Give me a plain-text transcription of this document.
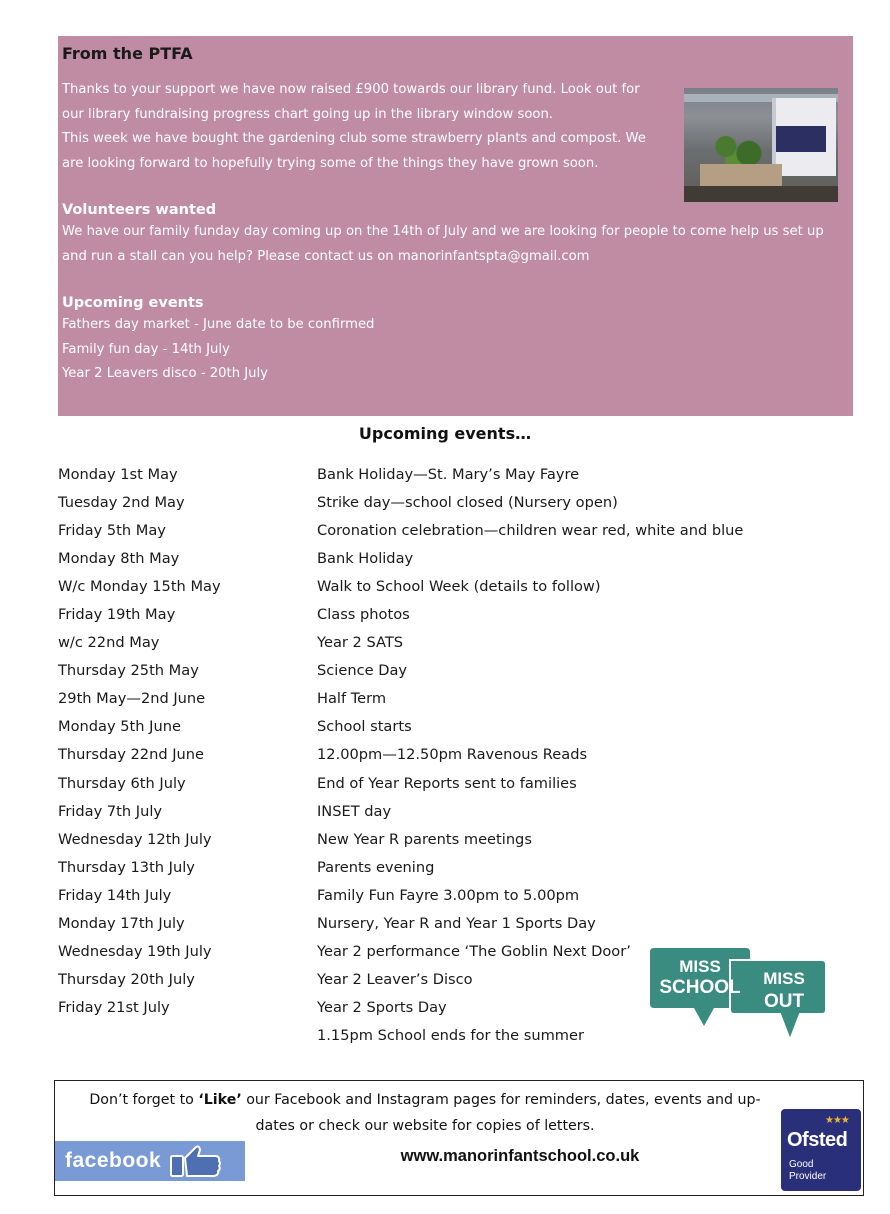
From the PTFA

Thanks to your support we have now raised £900 towards our library fund. Look out for

our library fundraising progress chart going up in the library window soon.

This week we have bought the gardening club some strawberry plants and compost. We

are looking forward to hopefully trying some of the things they have grown soon.

Volunteers wanted

We have our family funday day coming up on the 14th of July and we are looking for people to come help us set up

and run a stall can you help? Please contact us on manorinfantspta@gmail.com

Upcoming events

Fathers day market - June date to be confirmed

Family fun day - 14th July

Year 2 Leavers disco - 20th July

Upcoming events…
Monday 1st May	Bank Holiday—St. Mary’s May Fayre
Tuesday 2nd May	Strike day—school closed (Nursery open)
Friday 5th May	Coronation celebration—children wear red, white and blue
Monday 8th May	Bank Holiday
W/c Monday 15th May	Walk to School Week (details to follow)
Friday 19th May	Class photos
w/c 22nd May	Year 2 SATS
Thursday 25th May	Science Day
29th May—2nd June	Half Term
Monday 5th June	School starts
Thursday 22nd June	12.00pm—12.50pm Ravenous Reads
Thursday 6th July	End of Year Reports sent to families
Friday 7th July	INSET day
Wednesday 12th July	New Year R parents meetings
Thursday 13th July	Parents evening
Friday 14th July	Family Fun Fayre 3.00pm to 5.00pm
Monday 17th July	Nursery, Year R and Year 1 Sports Day
Wednesday 19th July	Year 2 performance ‘The Goblin Next Door’
Thursday 20th July	Year 2 Leaver’s Disco
Friday 21st July	Year 2 Sports Day
1.15pm School ends for the summer
MISS
SCHOOL MISS
OUT
Don’t forget to ‘Like’ our Facebook and Instagram pages for reminders, dates, events and up-
dates or check our website for copies of letters.
facebook	www.manorinfantschool.co.uk
★★★
Ofsted
Good
Provider
